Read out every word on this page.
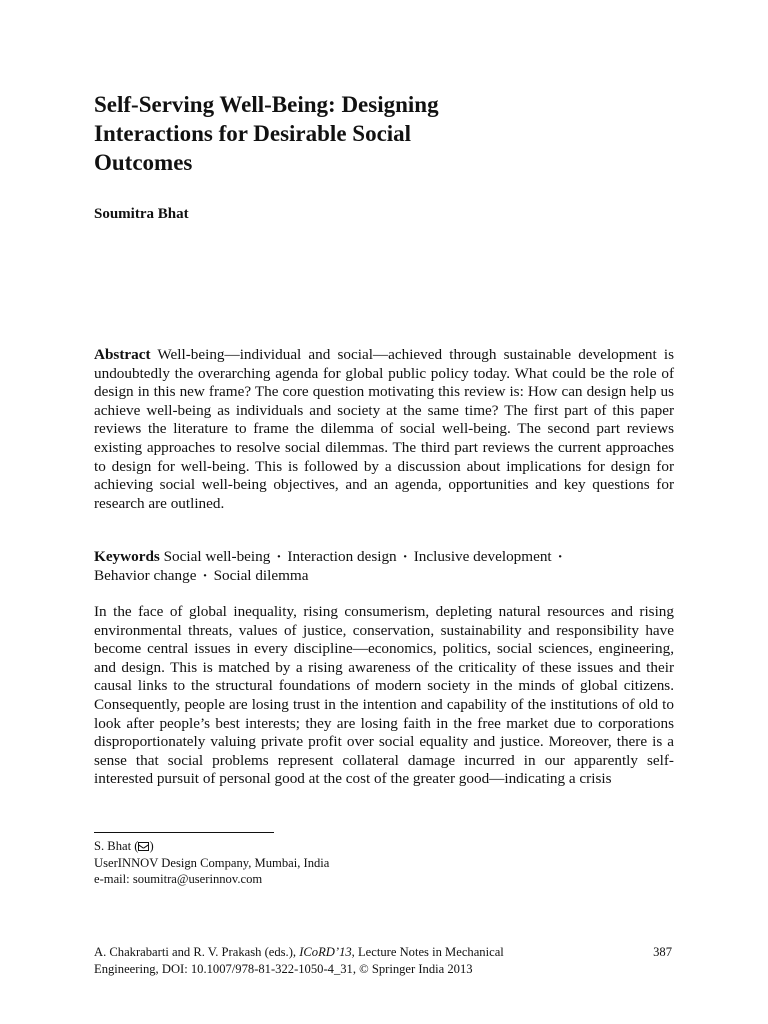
Self-Serving Well-Being: Designing
Interactions for Desirable Social
Outcomes

Soumitra Bhat

Abstract Well-being—individual and social—achieved through sustainable development is undoubtedly the overarching agenda for global public policy today. What could be the role of design in this new frame? The core question motivating this review is: How can design help us achieve well-being as individuals and society at the same time? The first part of this paper reviews the literature to frame the dilemma of social well-being. The second part reviews existing approaches to resolve social dilemmas. The third part reviews the current approaches to design for well-being. This is followed by a discussion about implications for design for achieving social well-being objectives, and an agenda, opportunities and key questions for research are outlined.

Keywords Social well-being · Interaction design · Inclusive development ·
Behavior change · Social dilemma

In the face of global inequality, rising consumerism, depleting natural resources and rising environmental threats, values of justice, conservation, sustainability and responsibility have become central issues in every discipline—economics, politics, social sciences, engineering, and design. This is matched by a rising awareness of the criticality of these issues and their causal links to the structural foundations of modern society in the minds of global citizens. Consequently, people are losing trust in the intention and capability of the institutions of old to look after people’s best interests; they are losing faith in the free market due to corporations disproportionately valuing private profit over social equality and justice. Moreover, there is a sense that social problems represent collateral damage incurred in our apparently self-interested pursuit of personal good at the cost of the greater good—indicating a crisis

S. Bhat ( )
UserINNOV Design Company, Mumbai, India
e-mail: soumitra@userinnov.com
A. Chakrabarti and R. V. Prakash (eds.), ICoRD’13, Lecture Notes in Mechanical
Engineering, DOI: 10.1007/978-81-322-1050-4_31, © Springer India 2013
387
